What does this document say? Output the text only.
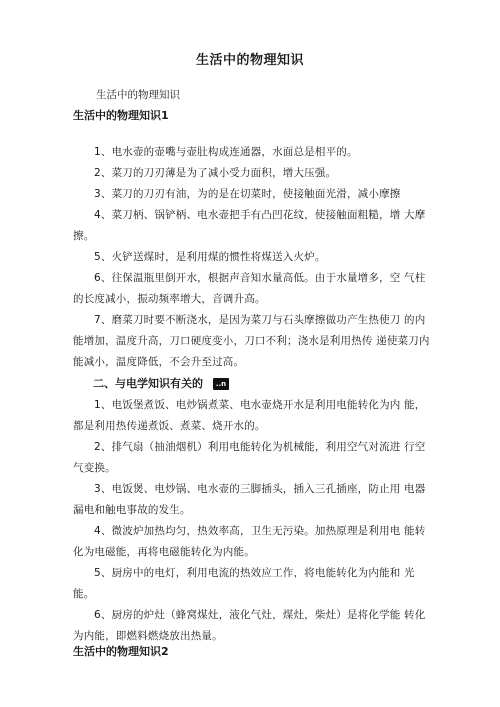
生活中的物理知识
生活中的物理知识
生活中的物理知识1
1、电水壶的壶嘴与壶肚构成连通器，水面总是相平的。
2、菜刀的刀刃薄是为了减小受力面积，增大压强。
3、菜刀的刀刃有油，为的是在切菜时，使接触面光滑，减小摩擦
4、菜刀柄、锅铲柄、电水壶把手有凸凹花纹，使接触面粗糙，增 大摩擦。
5、火铲送煤时，是利用煤的惯性将煤送入火炉。
6、往保温瓶里倒开水，根据声音知水量高低。由于水量增多，空 气柱的长度减小，振动频率增大，音调升高。
7、磨菜刀时要不断浇水，是因为菜刀与石头摩擦做功产生热使刀 的内能增加，温度升高，刀口硬度变小，刀口不利；浇水是利用热传 递使菜刀内能减小，温度降低，不会升至过高。
二、与电学知识有关的 ..n
1、电饭堡煮饭、电炒锅煮菜、电水壶烧开水是利用电能转化为内 能，都是利用热传递煮饭、煮菜、烧开水的。
2、排气扇（抽油烟机）利用电能转化为机械能，利用空气对流进 行空气变换。
3、电饭煲、电炒锅、电水壶的三脚插头，插入三孔插座，防止用 电器漏电和触电事故的发生。
4、微波炉加热均匀，热效率高，卫生无污染。加热原理是利用电 能转化为电磁能，再将电磁能转化为内能。
5、厨房中的电灯，利用电流的热效应工作，将电能转化为内能和 光能。
6、厨房的炉灶（蜂窝煤灶，液化气灶，煤灶，柴灶）是将化学能 转化为内能，即燃料燃烧放出热量。
生活中的物理知识2
